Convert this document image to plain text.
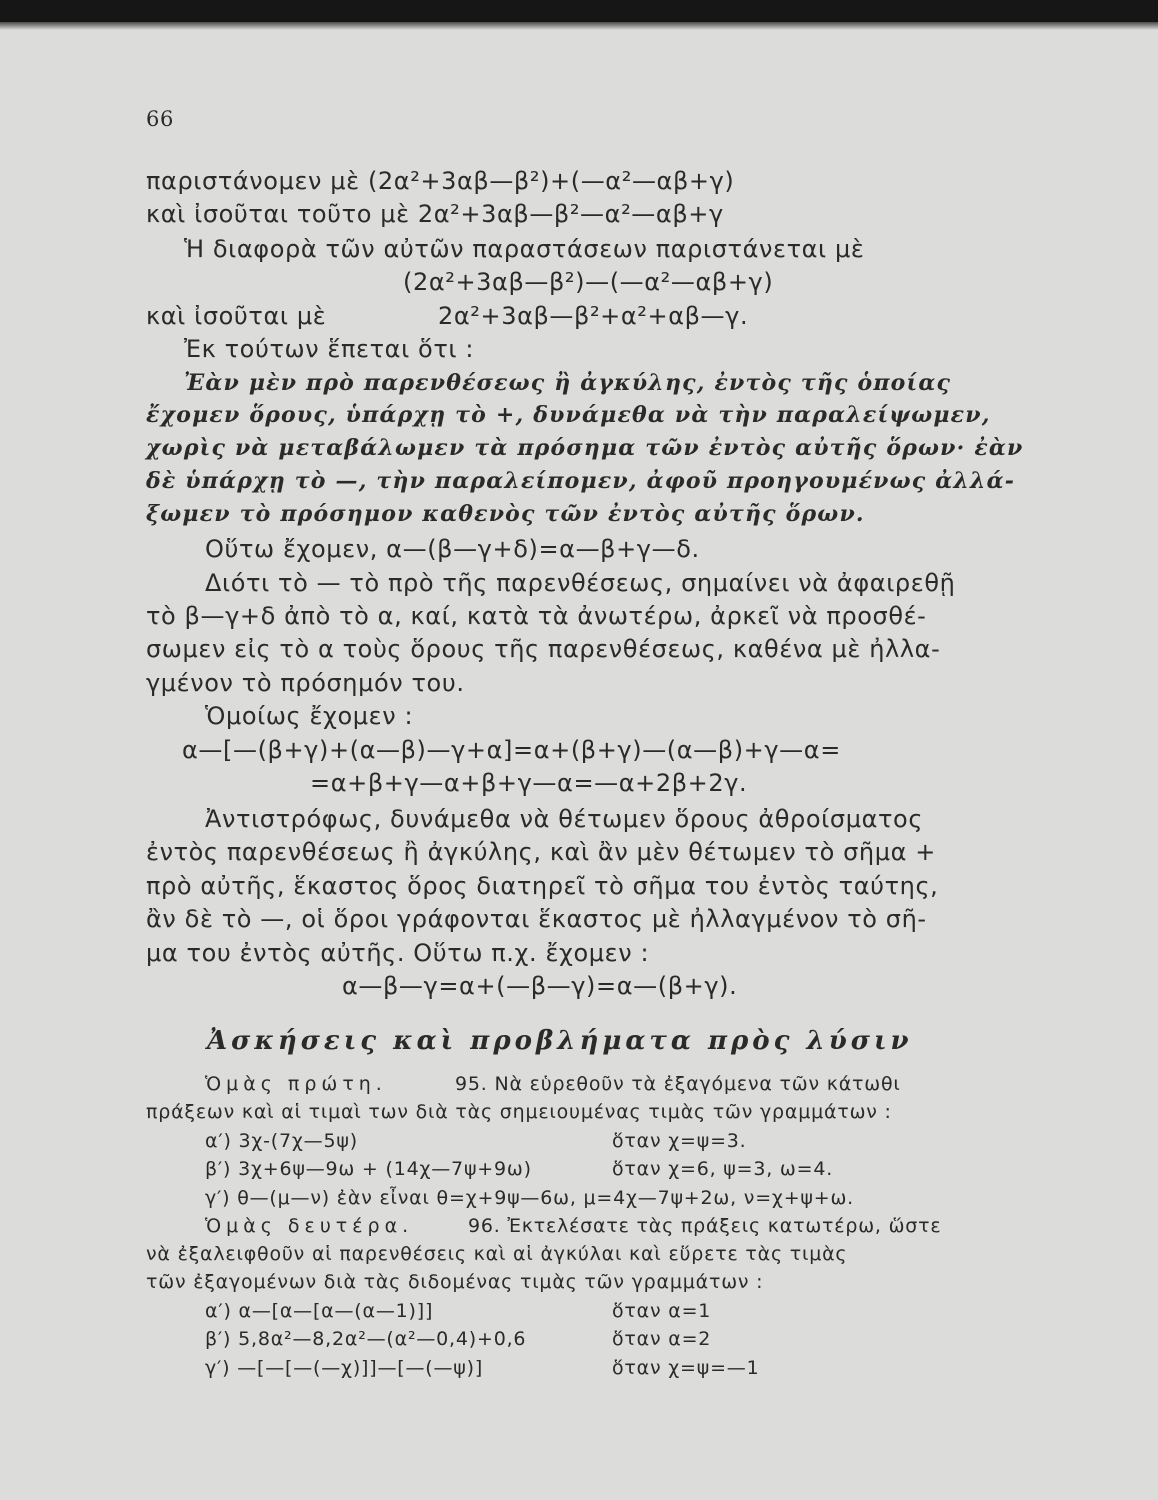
66
παριστάνομεν μὲ (2α²+3αβ—β²)+(—α²—αβ+γ)
καὶ ἰσοῦται τοῦτο μὲ 2α²+3αβ—β²—α²—αβ+γ
Ἡ διαφορὰ τῶν αὐτῶν παραστάσεων παριστάνεται μὲ
(2α²+3αβ—β²)—(—α²—αβ+γ)
καὶ ἰσοῦται μὲ	2α²+3αβ—β²+α²+αβ—γ.
Ἐκ τούτων ἕπεται ὅτι :
Ἐὰν μὲν πρὸ παρενθέσεως ἢ ἀγκύλης, ἐντὸς τῆς ὁποίας
ἔχομεν ὅρους, ὑπάρχῃ τὸ +, δυνάμεθα νὰ τὴν παραλείψωμεν,
χωρὶς νὰ μεταβάλωμεν τὰ πρόσημα τῶν ἐντὸς αὐτῆς ὅρων· ἐὰν
δὲ ὑπάρχῃ τὸ —, τὴν παραλείπομεν, ἀφοῦ προηγουμένως ἀλλά-
ξωμεν τὸ πρόσημον καθενὸς τῶν ἐντὸς αὐτῆς ὅρων.
Οὕτω ἔχομεν, α—(β—γ+δ)=α—β+γ—δ.
Διότι τὸ — τὸ πρὸ τῆς παρενθέσεως, σημαίνει νὰ ἀφαιρεθῇ
τὸ β—γ+δ ἀπὸ τὸ α, καί, κατὰ τὰ ἀνωτέρω, ἀρκεῖ νὰ προσθέ-
σωμεν εἰς τὸ α τοὺς ὅρους τῆς παρενθέσεως, καθένα μὲ ἠλλα-
γμένον τὸ πρόσημόν του.
Ὁμοίως ἔχομεν :
α—[—(β+γ)+(α—β)—γ+α]=α+(β+γ)—(α—β)+γ—α=
=α+β+γ—α+β+γ—α=—α+2β+2γ.
Ἀντιστρόφως, δυνάμεθα νὰ θέτωμεν ὅρους ἀθροίσματος
ἐντὸς παρενθέσεως ἢ ἀγκύλης, καὶ ἂν μὲν θέτωμεν τὸ σῆμα +
πρὸ αὐτῆς, ἕκαστος ὅρος διατηρεῖ τὸ σῆμα του ἐντὸς ταύτης,
ἂν δὲ τὸ —, οἱ ὅροι γράφονται ἕκαστος μὲ ἠλλαγμένον τὸ σῆ-
μα του ἐντὸς αὐτῆς. Οὕτω π.χ. ἔχομεν :
α—β—γ=α+(—β—γ)=α—(β+γ).
Ἀσκήσεις καὶ προβλήματα πρὸς λύσιν
Ὁμὰς πρώτη.	95. Νὰ εὑρεθοῦν τὰ ἐξαγόμενα τῶν κάτωθι
πράξεων καὶ αἱ τιμαὶ των διὰ τὰς σημειουμένας τιμὰς τῶν γραμμάτων :
α′) 3χ-(7χ—5ψ)	ὅταν χ=ψ=3.
β′) 3χ+6ψ—9ω + (14χ—7ψ+9ω)	ὅταν χ=6, ψ=3, ω=4.
γ′) θ—(μ—ν) ἐὰν εἶναι θ=χ+9ψ—6ω, μ=4χ—7ψ+2ω, ν=χ+ψ+ω.
Ὁμὰς δευτέρα.	96. Ἐκτελέσατε τὰς πράξεις κατωτέρω, ὥστε
νὰ ἐξαλειφθοῦν αἱ παρενθέσεις καὶ αἱ ἀγκύλαι καὶ εὕρετε τὰς τιμὰς
τῶν ἐξαγομένων διὰ τὰς διδομένας τιμὰς τῶν γραμμάτων :
α′) α—[α—[α—(α—1)]]	ὅταν α=1
β′) 5,8α²—8,2α²—(α²—0,4)+0,6	ὅταν α=2
γ′) —[—[—(—χ)]]—[—(—ψ)]	ὅταν χ=ψ=—1
